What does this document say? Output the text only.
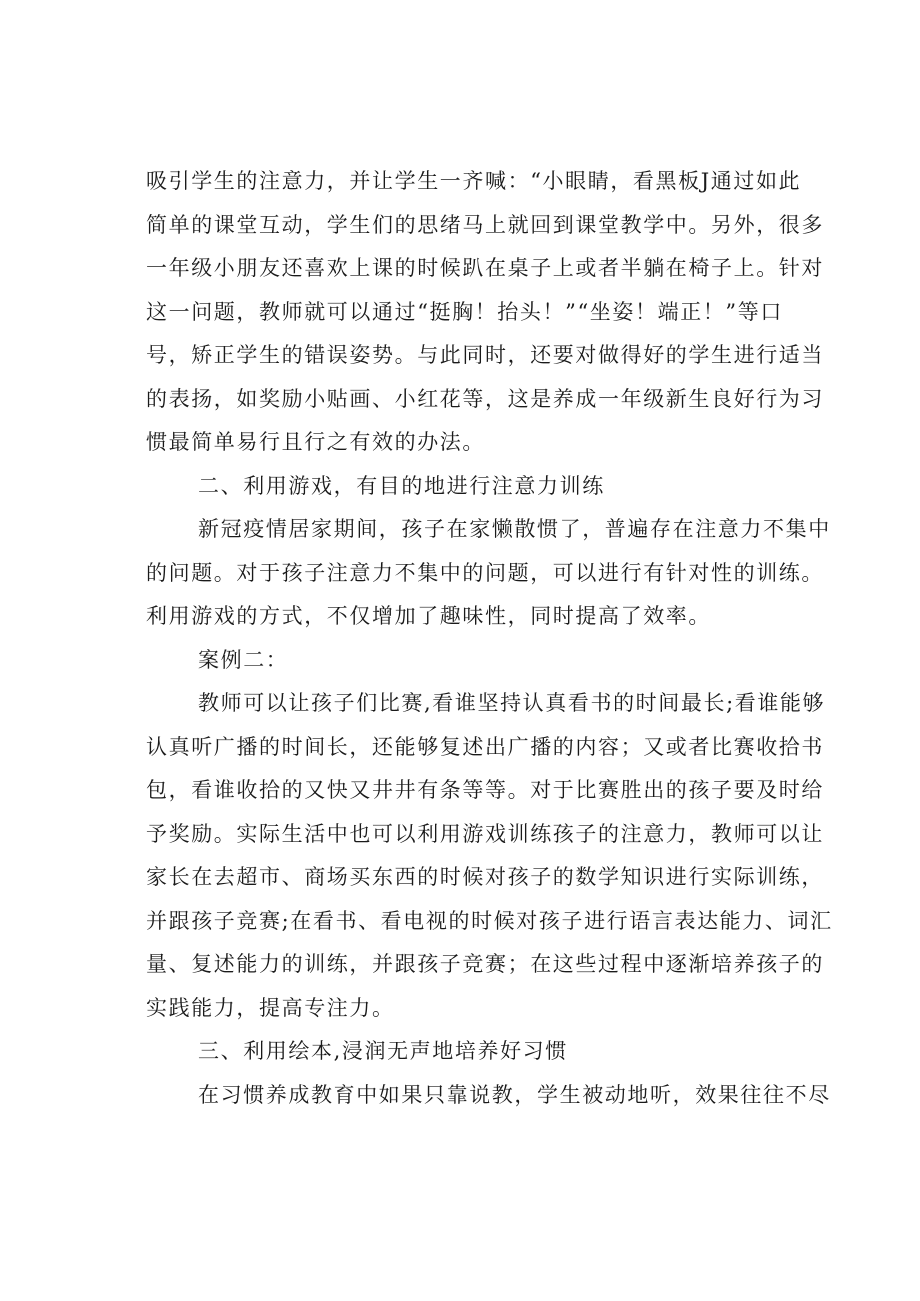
吸引学生的注意力，并让学生一齐喊：“小眼睛，看黑板J通过如此
简单的课堂互动，学生们的思绪马上就回到课堂教学中。另外，很多
一年级小朋友还喜欢上课的时候趴在桌子上或者半躺在椅子上。针对
这一问题，教师就可以通过“挺胸！抬头！”“坐姿！端正！”等口
号，矫正学生的错误姿势。与此同时，还要对做得好的学生进行适当
的表扬，如奖励小贴画、小红花等，这是养成一年级新生良好行为习
惯最简单易行且行之有效的办法。
二、利用游戏，有目的地进行注意力训练
新冠疫情居家期间，孩子在家懒散惯了，普遍存在注意力不集中
的问题。对于孩子注意力不集中的问题，可以进行有针对性的训练。
利用游戏的方式，不仅增加了趣味性，同时提高了效率。
案例二：
教师可以让孩子们比赛,看谁坚持认真看书的时间最长;看谁能够
认真听广播的时间长，还能够复述出广播的内容；又或者比赛收拾书
包，看谁收拾的又快又井井有条等等。对于比赛胜出的孩子要及时给
予奖励。实际生活中也可以利用游戏训练孩子的注意力，教师可以让
家长在去超市、商场买东西的时候对孩子的数学知识进行实际训练，
并跟孩子竞赛;在看书、看电视的时候对孩子进行语言表达能力、词汇
量、复述能力的训练，并跟孩子竞赛；在这些过程中逐渐培养孩子的
实践能力，提高专注力。
三、利用绘本,浸润无声地培养好习惯
在习惯养成教育中如果只靠说教，学生被动地听，效果往往不尽
